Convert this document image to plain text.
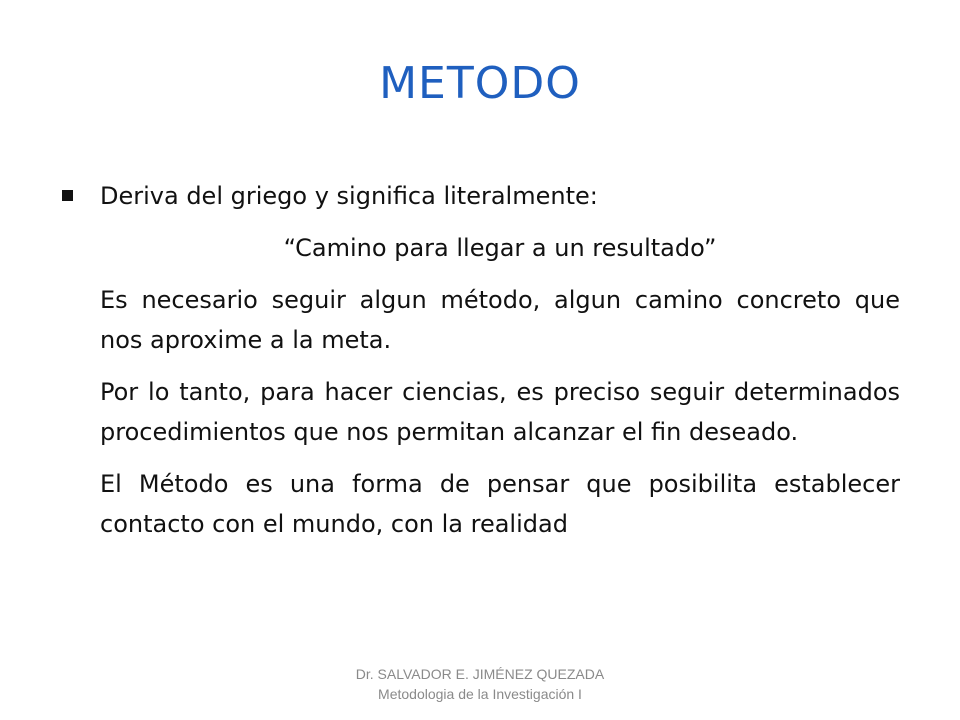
METODO
Deriva del griego y significa literalmente:
“Camino para llegar a un resultado”
Es necesario seguir algun método, algun camino concreto que nos aproxime a la meta.
Por lo tanto, para hacer ciencias, es preciso seguir determinados procedimientos que nos permitan alcanzar el fin deseado.
El Método es una forma de pensar que posibilita establecer contacto con el mundo, con la realidad
Dr. SALVADOR E. JIMÉNEZ QUEZADA
Metodologia de la Investigación I
